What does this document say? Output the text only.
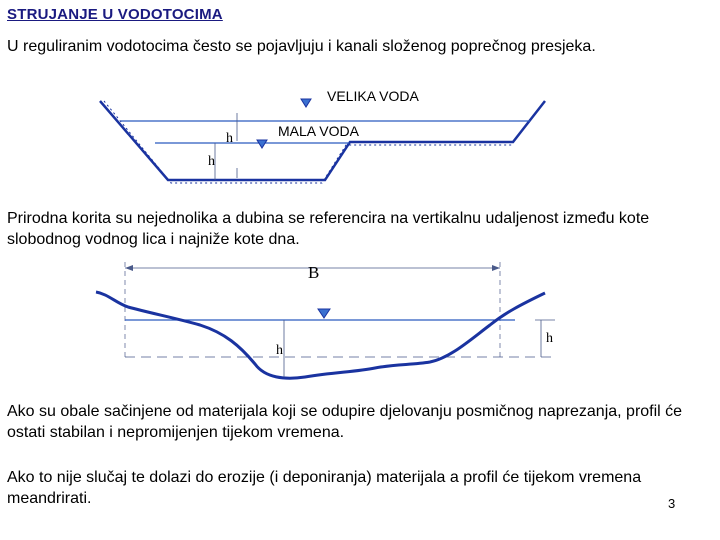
STRUJANJE U VODOTOCIMA
U reguliranim vodotocima često se pojavljuju i kanali složenog poprečnog presjeka.
VELIKA VODA
MALA VODA
h
h
B
h
h
Prirodna korita su nejednolika a dubina se referencira na vertikalnu udaljenost između kote slobodnog vodnog lica i najniže kote dna.
Ako su obale sačinjene od materijala koji se odupire djelovanju posmičnog naprezanja, profil će ostati stabilan i nepromijenjen tijekom vremena.
Ako to nije slučaj te dolazi do erozije (i deponiranja) materijala a profil će tijekom vremena meandrirati.	3
